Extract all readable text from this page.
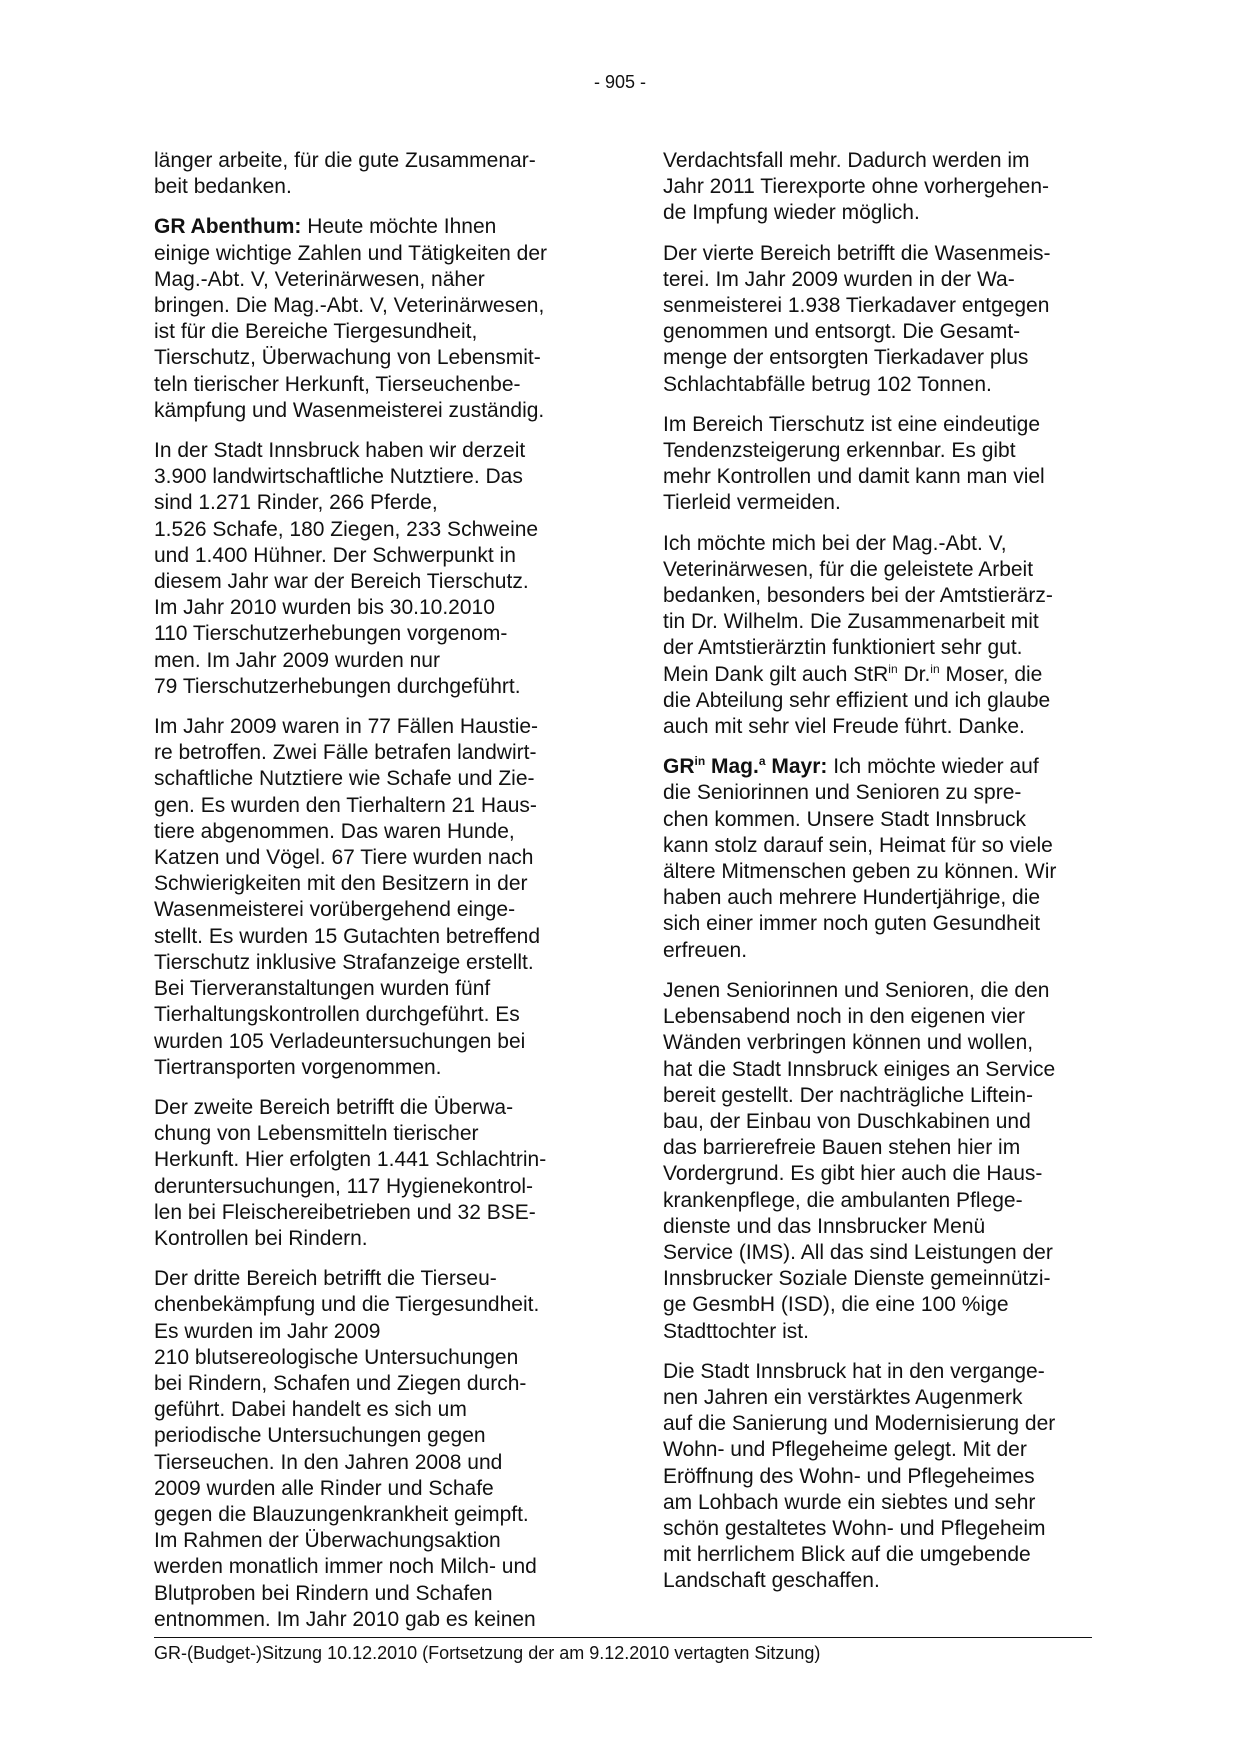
- 905 -

länger arbeite, für die gute Zusammenar-
beit bedanken.

GR Abenthum: Heute möchte Ihnen
einige wichtige Zahlen und Tätigkeiten der
Mag.-Abt. V, Veterinärwesen, näher
bringen. Die Mag.-Abt. V, Veterinärwesen,
ist für die Bereiche Tiergesundheit,
Tierschutz, Überwachung von Lebensmit-
teln tierischer Herkunft, Tierseuchenbe-
kämpfung und Wasenmeisterei zuständig.

In der Stadt Innsbruck haben wir derzeit
3.900 landwirtschaftliche Nutztiere. Das
sind 1.271 Rinder, 266 Pferde,
1.526 Schafe, 180 Ziegen, 233 Schweine
und 1.400 Hühner. Der Schwerpunkt in
diesem Jahr war der Bereich Tierschutz.
Im Jahr 2010 wurden bis 30.10.2010
110 Tierschutzerhebungen vorgenom-
men. Im Jahr 2009 wurden nur
79 Tierschutzerhebungen durchgeführt.

Im Jahr 2009 waren in 77 Fällen Haustie-
re betroffen. Zwei Fälle betrafen landwirt-
schaftliche Nutztiere wie Schafe und Zie-
gen. Es wurden den Tierhaltern 21 Haus-
tiere abgenommen. Das waren Hunde,
Katzen und Vögel. 67 Tiere wurden nach
Schwierigkeiten mit den Besitzern in der
Wasenmeisterei vorübergehend einge-
stellt. Es wurden 15 Gutachten betreffend
Tierschutz inklusive Strafanzeige erstellt.
Bei Tierveranstaltungen wurden fünf
Tierhaltungskontrollen durchgeführt. Es
wurden 105 Verladeuntersuchungen bei
Tiertransporten vorgenommen.

Der zweite Bereich betrifft die Überwa-
chung von Lebensmitteln tierischer
Herkunft. Hier erfolgten 1.441 Schlachtrin-
deruntersuchungen, 117 Hygienekontrol-
len bei Fleischereibetrieben und 32 BSE-
Kontrollen bei Rindern.

Der dritte Bereich betrifft die Tierseu-
chenbekämpfung und die Tiergesundheit.
Es wurden im Jahr 2009
210 blutsereologische Untersuchungen
bei Rindern, Schafen und Ziegen durch-
geführt. Dabei handelt es sich um
periodische Untersuchungen gegen
Tierseuchen. In den Jahren 2008 und
2009 wurden alle Rinder und Schafe
gegen die Blauzungenkrankheit geimpft.
Im Rahmen der Überwachungsaktion
werden monatlich immer noch Milch- und
Blutproben bei Rindern und Schafen
entnommen. Im Jahr 2010 gab es keinen

Verdachtsfall mehr. Dadurch werden im
Jahr 2011 Tierexporte ohne vorhergehen-
de Impfung wieder möglich.

Der vierte Bereich betrifft die Wasenmeis-
terei. Im Jahr 2009 wurden in der Wa-
senmeisterei 1.938 Tierkadaver entgegen
genommen und entsorgt. Die Gesamt-
menge der entsorgten Tierkadaver plus
Schlachtabfälle betrug 102 Tonnen.

Im Bereich Tierschutz ist eine eindeutige
Tendenzsteigerung erkennbar. Es gibt
mehr Kontrollen und damit kann man viel
Tierleid vermeiden.

Ich möchte mich bei der Mag.-Abt. V,
Veterinärwesen, für die geleistete Arbeit
bedanken, besonders bei der Amtstierärz-
tin Dr. Wilhelm. Die Zusammenarbeit mit
der Amtstierärztin funktioniert sehr gut.
Mein Dank gilt auch StR$^{in}$ Dr.$^{in}$ Moser, die
die Abteilung sehr effizient und ich glaube
auch mit sehr viel Freude führt. Danke.

$GR^{in}$ Mag.$^a$ Mayr: Ich möchte wieder auf
die Seniorinnen und Senioren zu spre-
chen kommen. Unsere Stadt Innsbruck
kann stolz darauf sein, Heimat für so viele
ältere Mitmenschen geben zu können. Wir
haben auch mehrere Hundertjährige, die
sich einer immer noch guten Gesundheit
erfreuen.

Jenen Seniorinnen und Senioren, die den
Lebensabend noch in den eigenen vier
Wänden verbringen können und wollen,
hat die Stadt Innsbruck einiges an Service
bereit gestellt. Der nachträgliche Liftein-
bau, der Einbau von Duschkabinen und
das barrierefreie Bauen stehen hier im
Vordergrund. Es gibt hier auch die Haus-
krankenpflege, die ambulanten Pflege-
dienste und das Innsbrucker Menü
Service (IMS). All das sind Leistungen der
Innsbrucker Soziale Dienste gemeinnützi-
ge GesmbH (ISD), die eine 100 %ige
Stadttochter ist.

Die Stadt Innsbruck hat in den vergange-
nen Jahren ein verstärktes Augenmerk
auf die Sanierung und Modernisierung der
Wohn- und Pflegeheime gelegt. Mit der
Eröffnung des Wohn- und Pflegeheimes
am Lohbach wurde ein siebtes und sehr
schön gestaltetes Wohn- und Pflegeheim
mit herrlichem Blick auf die umgebende
Landschaft geschaffen.

GR-(Budget-)Sitzung 10.12.2010 (Fortsetzung der am 9.12.2010 vertagten Sitzung)
